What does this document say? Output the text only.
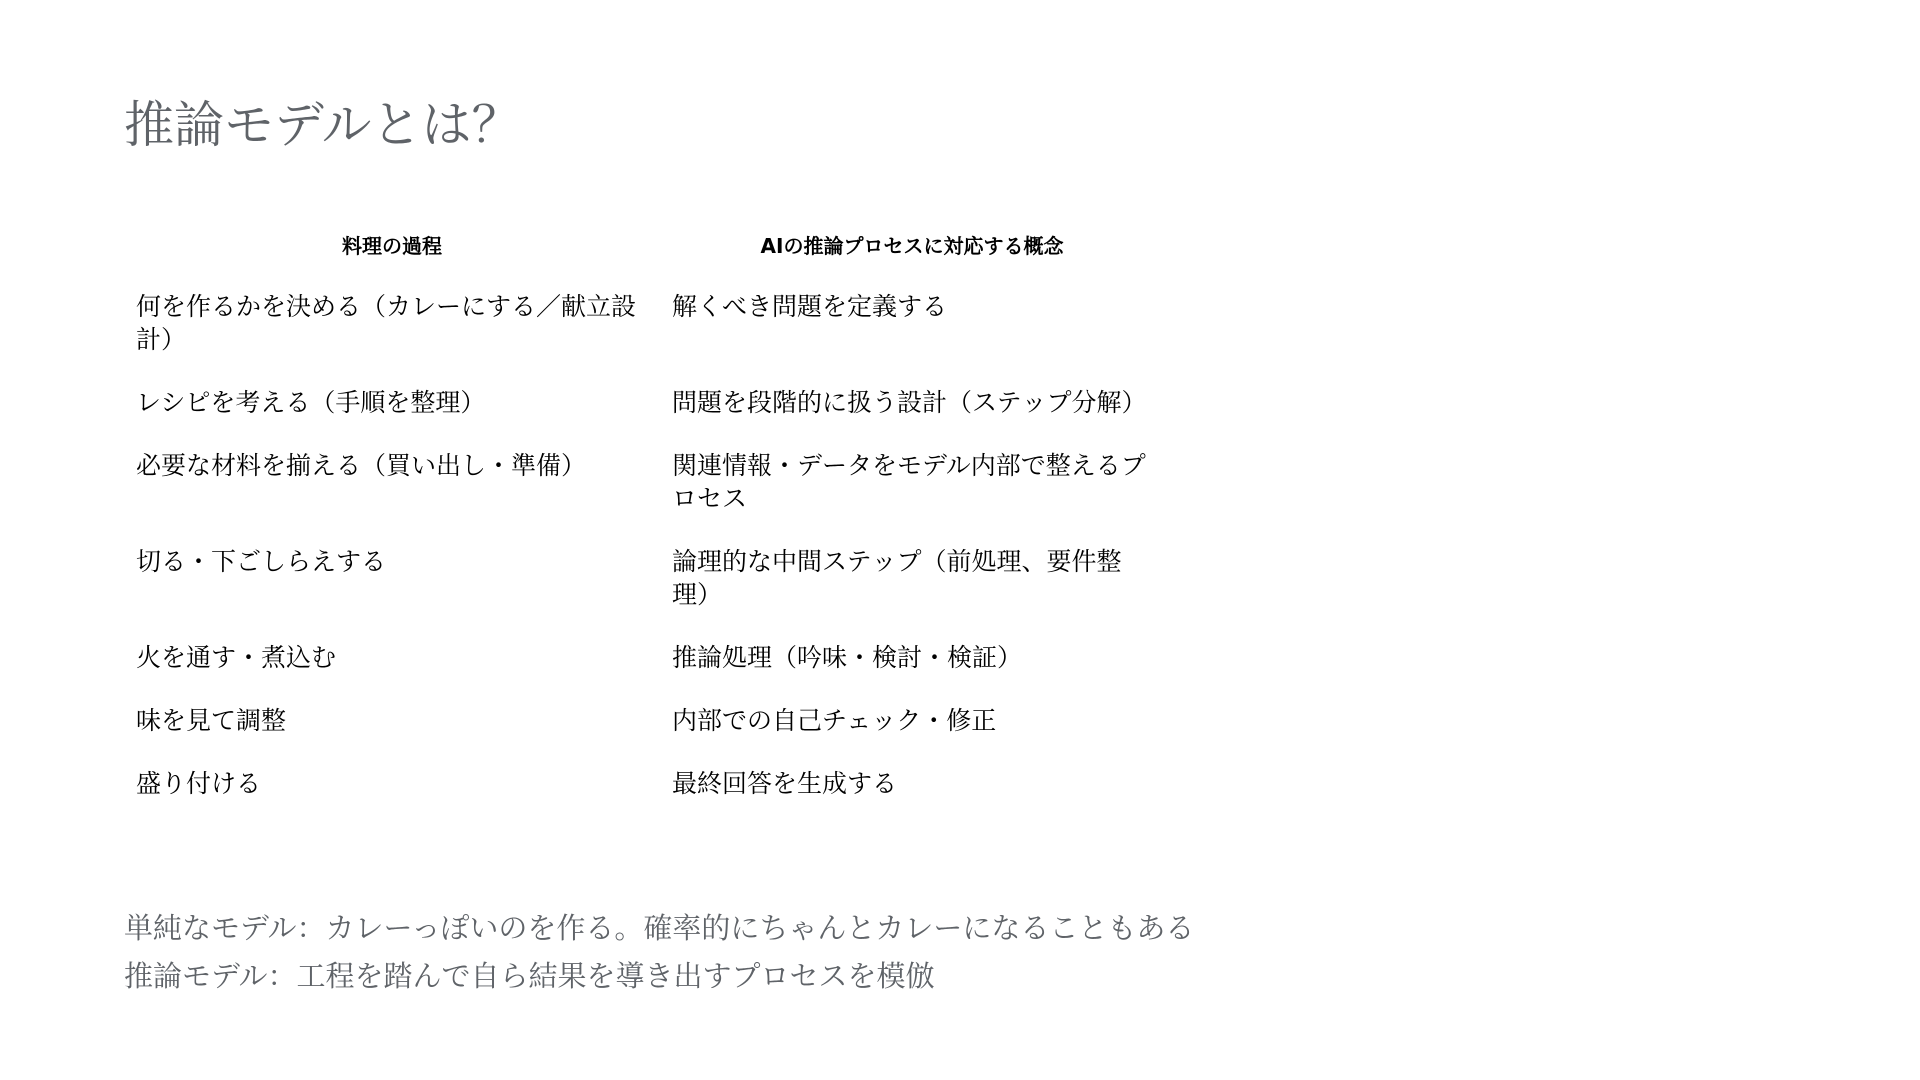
推論モデルとは？
料理の過程	AIの推論プロセスに対応する概念
何を作るかを決める（カレーにする／献立設計）	解くべき問題を定義する
レシピを考える（手順を整理）	問題を段階的に扱う設計（ステップ分解）
必要な材料を揃える（買い出し・準備）	関連情報・データをモデル内部で整えるプロセス
切る・下ごしらえする	論理的な中間ステップ（前処理、要件整理）
火を通す・煮込む	推論処理（吟味・検討・検証）
味を見て調整	内部での自己チェック・修正
盛り付ける	最終回答を生成する

単純なモデル：カレーっぽいのを作る。確率的にちゃんとカレーになることもある

推論モデル：工程を踏んで自ら結果を導き出すプロセスを模倣
